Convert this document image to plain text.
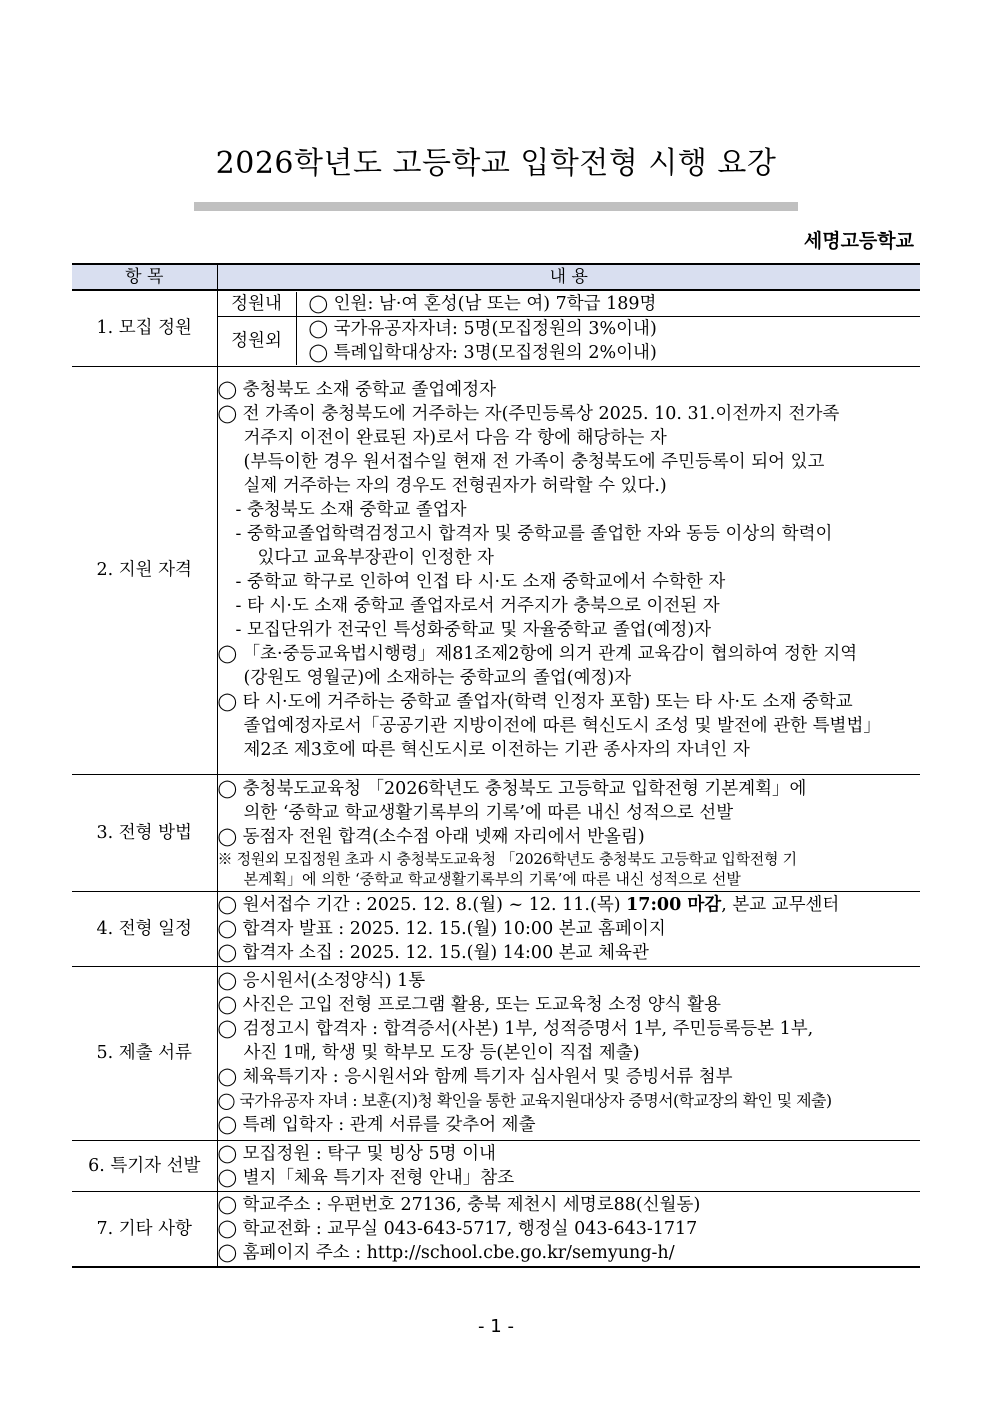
2026학년도 고등학교 입학전형 시행 요강
세명고등학교
항 목	내 용
1. 모집 정원	
정원내	◯ 인원: 남·여 혼성(남 또는 여) 7학급 189명

정원외	
◯ 국가유공자자녀: 5명(모집정원의 3%이내)
◯ 특례입학대상자: 3명(모집정원의 2%이내)

2. 지원 자격	
◯ 충청북도 소재 중학교 졸업예정자
◯ 전 가족이 충청북도에 거주하는 자(주민등록상 2025. 10. 31.이전까지 전가족
거주지 이전이 완료된 자)로서 다음 각 항에 해당하는 자
(부득이한 경우 원서접수일 현재 전 가족이 충청북도에 주민등록이 되어 있고
실제 거주하는 자의 경우도 전형권자가 허락할 수 있다.)
- 충청북도 소재 중학교 졸업자
- 중학교졸업학력검정고시 합격자 및 중학교를 졸업한 자와 동등 이상의 학력이
있다고 교육부장관이 인정한 자
- 중학교 학구로 인하여 인접 타 시·도 소재 중학교에서 수학한 자
- 타 시·도 소재 중학교 졸업자로서 거주지가 충북으로 이전된 자
- 모집단위가 전국인 특성화중학교 및 자율중학교 졸업(예정)자
◯ 「초·중등교육법시행령」제81조제2항에 의거 관계 교육감이 협의하여 정한 지역
(강원도 영월군)에 소재하는 중학교의 졸업(예정)자
◯ 타 시·도에 거주하는 중학교 졸업자(학력 인정자 포함) 또는 타 사·도 소재 중학교
졸업예정자로서「공공기관 지방이전에 따른 혁신도시 조성 및 발전에 관한 특별법」
제2조 제3호에 따른 혁신도시로 이전하는 기관 종사자의 자녀인 자

3. 전형 방법	
◯ 충청북도교육청 「2026학년도 충청북도 고등학교 입학전형 기본계획」에
의한 ‘중학교 학교생활기록부의 기록’에 따른 내신 성적으로 선발
◯ 동점자 전원 합격(소수점 아래 넷째 자리에서 반올림)
※ 정원외 모집정원 초과 시 충청북도교육청 「2026학년도 충청북도 고등학교 입학전형 기
본계획」에 의한 ‘중학교 학교생활기록부의 기록’에 따른 내신 성적으로 선발

4. 전형 일정	
◯ 원서접수 기간 : 2025. 12. 8.(월) ~ 12. 11.(목) 17:00 마감, 본교 교무센터
◯ 합격자 발표 : 2025. 12. 15.(월) 10:00 본교 홈페이지
◯ 합격자 소집 : 2025. 12. 15.(월) 14:00 본교 체육관

5. 제출 서류	
◯ 응시원서(소정양식) 1통
◯ 사진은 고입 전형 프로그램 활용, 또는 도교육청 소정 양식 활용
◯ 검정고시 합격자 : 합격증서(사본) 1부, 성적증명서 1부, 주민등록등본 1부,
사진 1매, 학생 및 학부모 도장 등(본인이 직접 제출)
◯ 체육특기자 : 응시원서와 함께 특기자 심사원서 및 증빙서류 첨부
◯ 국가유공자 자녀 : 보훈(지)청 확인을 통한 교육지원대상자 증명서(학교장의 확인 및 제출)
◯ 특례 입학자 : 관계 서류를 갖추어 제출

6. 특기자 선발	
◯ 모집정원 : 탁구 및 빙상 5명 이내
◯ 별지「체육 특기자 전형 안내」참조

7. 기타 사항	
◯ 학교주소 : 우편번호 27136, 충북 제천시 세명로88(신월동)
◯ 학교전화 : 교무실 043-643-5717, 행정실 043-643-1717
◯ 홈페이지 주소 : http://school.cbe.go.kr/semyung-h/
- 1 -
